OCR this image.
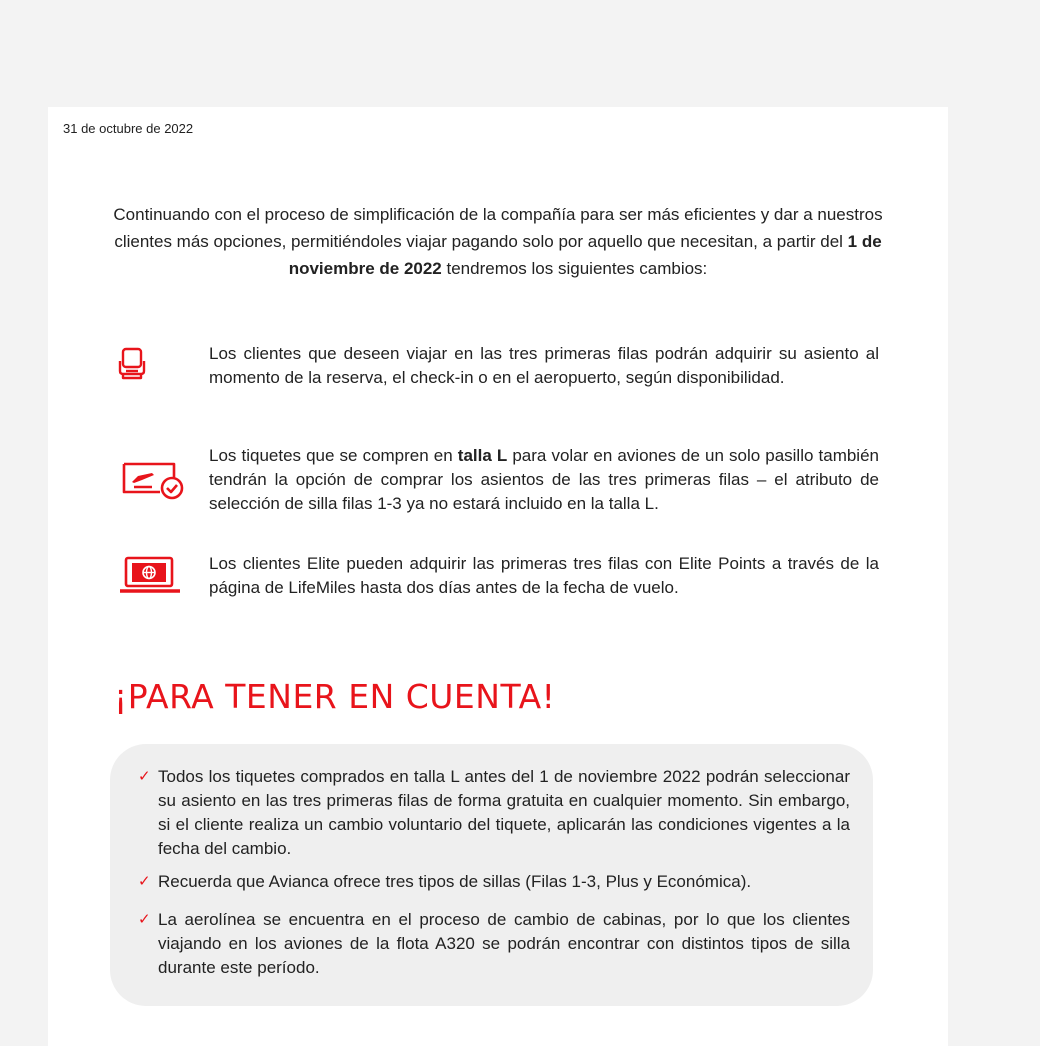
31 de octubre de 2022

Continuando con el proceso de simplificación de la compañía para ser más eficientes y dar a nuestros clientes más opciones, permitiéndoles viajar pagando solo por aquello que necesitan, a partir del 1 de noviembre de 2022 tendremos los siguientes cambios:

Los clientes que deseen viajar en las tres primeras filas podrán adquirir su asiento al momento de la reserva, el check-in o en el aeropuerto, según disponibilidad.

Los tiquetes que se compren en talla L para volar en aviones de un solo pasillo también tendrán la opción de comprar los asientos de las tres primeras filas – el atributo de selección de silla filas 1-3 ya no estará incluido en la talla L.

Los clientes Elite pueden adquirir las primeras tres filas con Elite Points a través de la página de LifeMiles hasta dos días antes de la fecha de vuelo.
¡PARA TENER EN CUENTA!
✓ Todos los tiquetes comprados en talla L antes del 1 de noviembre 2022 podrán seleccionar su asiento en las tres primeras filas de forma gratuita en cualquier momento. Sin embargo, si el cliente realiza un cambio voluntario del tiquete, aplicarán las condiciones vigentes a la fecha del cambio.
✓ Recuerda que Avianca ofrece tres tipos de sillas (Filas 1-3, Plus y Económica).
✓ La aerolínea se encuentra en el proceso de cambio de cabinas, por lo que los clientes viajando en los aviones de la flota A320 se podrán encontrar con distintos tipos de silla durante este período.
